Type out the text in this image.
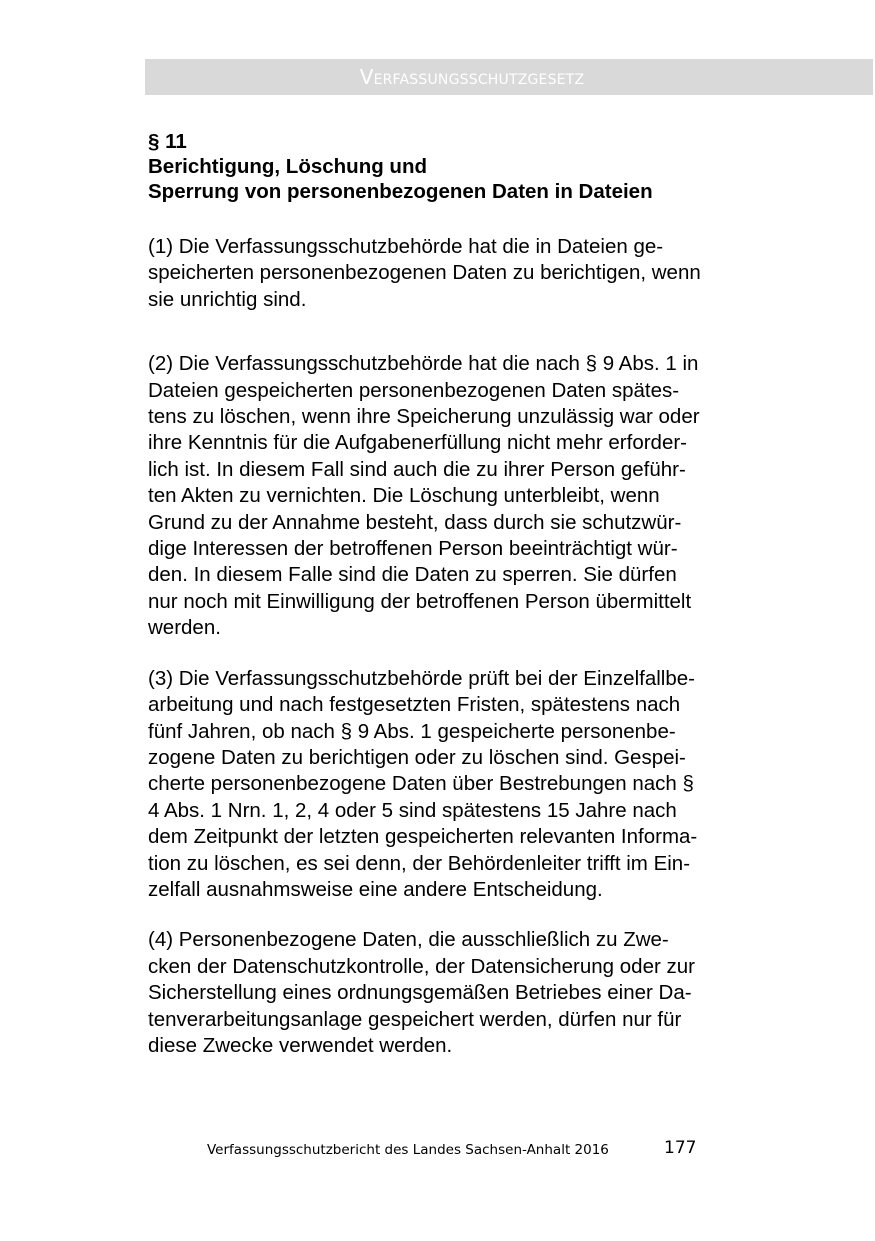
Verfassungsschutzgesetz
§ 11
Berichtigung, Löschung und
Sperrung von personenbezogenen Daten in Dateien

(1) Die Verfassungsschutzbehörde hat die in Dateien ge-
speicherten personenbezogenen Daten zu berichtigen, wenn
sie unrichtig sind.

(2) Die Verfassungsschutzbehörde hat die nach § 9 Abs. 1 in
Dateien gespeicherten personenbezogenen Daten spätes-
tens zu löschen, wenn ihre Speicherung unzulässig war oder
ihre Kenntnis für die Aufgabenerfüllung nicht mehr erforder-
lich ist. In diesem Fall sind auch die zu ihrer Person geführ-
ten Akten zu vernichten. Die Löschung unterbleibt, wenn
Grund zu der Annahme besteht, dass durch sie schutzwür-
dige Interessen der betroffenen Person beeinträchtigt wür-
den. In diesem Falle sind die Daten zu sperren. Sie dürfen
nur noch mit Einwilligung der betroffenen Person übermittelt
werden.

(3) Die Verfassungsschutzbehörde prüft bei der Einzelfallbe-
arbeitung und nach festgesetzten Fristen, spätestens nach
fünf Jahren, ob nach § 9 Abs. 1 gespeicherte personenbe-
zogene Daten zu berichtigen oder zu löschen sind. Gespei-
cherte personenbezogene Daten über Bestrebungen nach §
4 Abs. 1 Nrn. 1, 2, 4 oder 5 sind spätestens 15 Jahre nach
dem Zeitpunkt der letzten gespeicherten relevanten Informa-
tion zu löschen, es sei denn, der Behördenleiter trifft im Ein-
zelfall ausnahmsweise eine andere Entscheidung.

(4) Personenbezogene Daten, die ausschließlich zu Zwe-
cken der Datenschutzkontrolle, der Datensicherung oder zur
Sicherstellung eines ordnungsgemäßen Betriebes einer Da-
tenverarbeitungsanlage gespeichert werden, dürfen nur für
diese Zwecke verwendet werden.

Verfassungsschutzbericht des Landes Sachsen-Anhalt 2016	177
